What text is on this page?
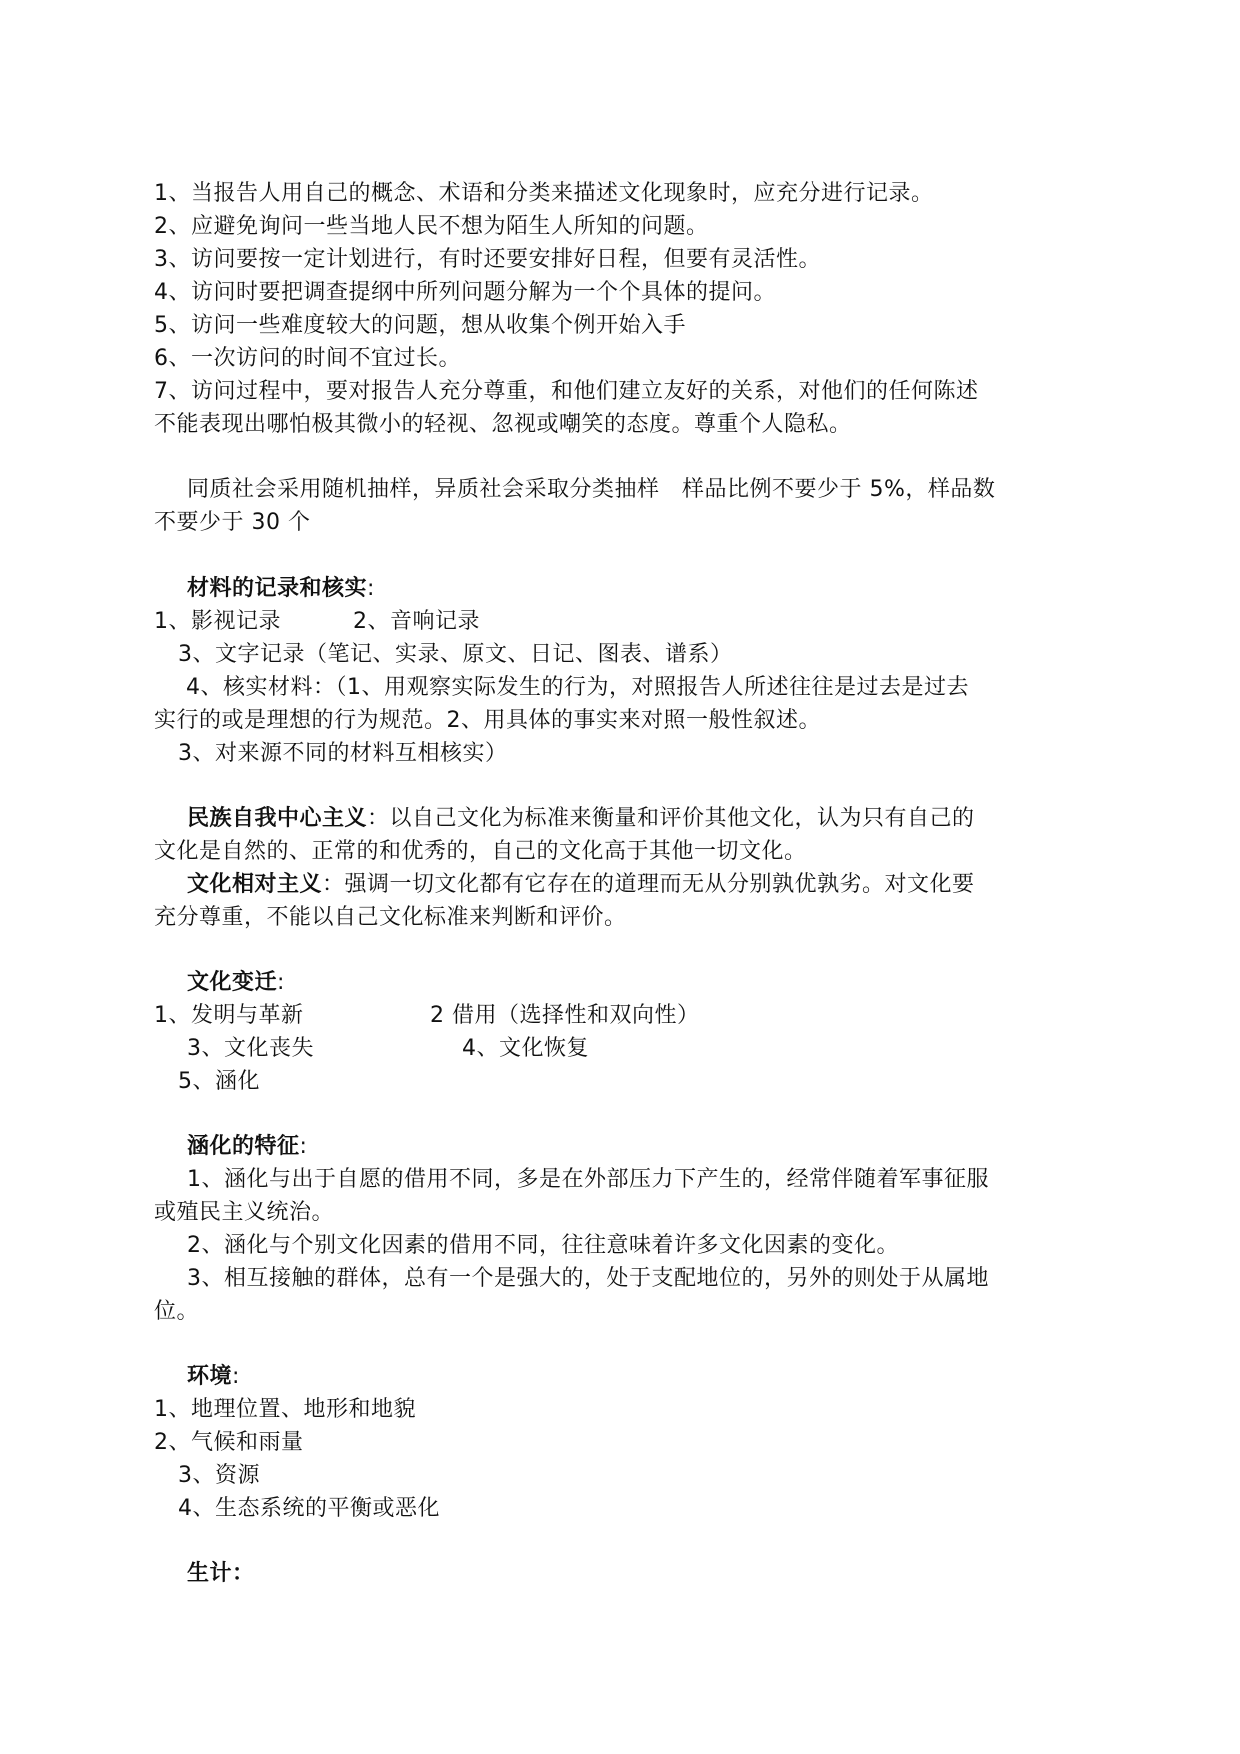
1、当报告人用自己的概念、术语和分类来描述文化现象时，应充分进行记录。
2、应避免询问一些当地人民不想为陌生人所知的问题。
3、访问要按一定计划进行，有时还要安排好日程，但要有灵活性。
4、访问时要把调查提纲中所列问题分解为一个个具体的提问。
5、访问一些难度较大的问题，想从收集个例开始入手
6、一次访问的时间不宜过长。
7、访问过程中，要对报告人充分尊重，和他们建立友好的关系，对他们的任何陈述
不能表现出哪怕极其微小的轻视、忽视或嘲笑的态度。尊重个人隐私。
同质社会采用随机抽样，异质社会采取分类抽样　样品比例不要少于 5%，样品数
不要少于 30 个
材料的记录和核实:
1、影视记录	2、音响记录
3、文字记录（笔记、实录、原文、日记、图表、谱系）
4、核实材料：（1、用观察实际发生的行为，对照报告人所述往往是过去是过去
实行的或是理想的行为规范。2、用具体的事实来对照一般性叙述。
3、对来源不同的材料互相核实）
民族自我中心主义：以自己文化为标准来衡量和评价其他文化，认为只有自己的
文化是自然的、正常的和优秀的，自己的文化高于其他一切文化。
文化相对主义：强调一切文化都有它存在的道理而无从分别孰优孰劣。对文化要
充分尊重，不能以自己文化标准来判断和评价。
文化变迁:
1、发明与革新	2 借用（选择性和双向性）
3、文化丧失	4、文化恢复
5、涵化
涵化的特征:
1、涵化与出于自愿的借用不同，多是在外部压力下产生的，经常伴随着军事征服
或殖民主义统治。
2、涵化与个别文化因素的借用不同，往往意味着许多文化因素的变化。
3、相互接触的群体，总有一个是强大的，处于支配地位的，另外的则处于从属地
位。
环境:
1、地理位置、地形和地貌
2、气候和雨量
3、资源
4、生态系统的平衡或恶化
生计：
